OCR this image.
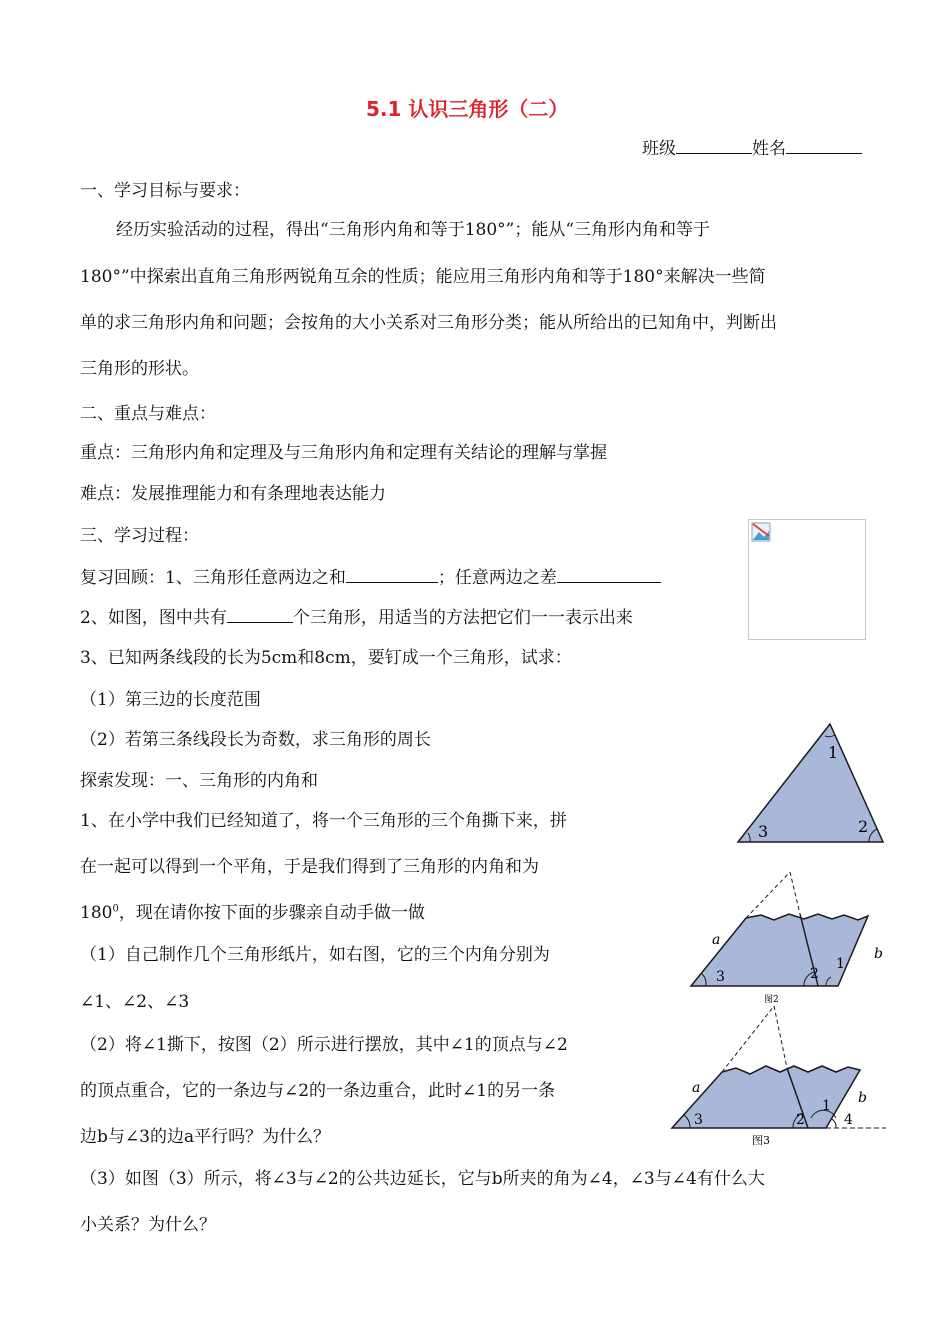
5.1 认识三角形（二）
班级	姓名
一、学习目标与要求：
经历实验活动的过程，得出“三角形内角和等于180°”；能从“三角形内角和等于
180°”中探索出直角三角形两锐角互余的性质；能应用三角形内角和等于180°来解决一些简
单的求三角形内角和问题；会按角的大小关系对三角形分类；能从所给出的已知角中，判断出
三角形的形状。
二、重点与难点：
重点：三角形内角和定理及与三角形内角和定理有关结论的理解与掌握
难点：发展推理能力和有条理地表达能力
三、学习过程：
复习回顾：1、三角形任意两边之和	；任意两边之差
2、如图，图中共有	个三角形，用适当的方法把它们一一表示出来
3、已知两条线段的长为5cm和8cm，要钉成一个三角形，试求：
（1）第三边的长度范围
（2）若第三条线段长为奇数，求三角形的周长
探索发现：一、三角形的内角和
1、在小学中我们已经知道了，将一个三角形的三个角撕下来，拼
在一起可以得到一个平角，于是我们得到了三角形的内角和为
$180^0$，现在请你按下面的步骤亲自动手做一做
（1）自己制作几个三角形纸片，如右图，它的三个内角分别为
∠1、∠2、∠3
（2）将∠1撕下，按图（2）所示进行摆放，其中∠1的顶点与∠2
的顶点重合，它的一条边与∠2的一条边重合，此时∠1的另一条
边b与∠3的边a平行吗？为什么？
（3）如图（3）所示，将∠3与∠2的公共边延长，它与b所夹的角为∠4，∠3与∠4有什么大
小关系？为什么？
1
2
3
a
b
1
2
3
图2
a
b
1
2
3	4
图3
